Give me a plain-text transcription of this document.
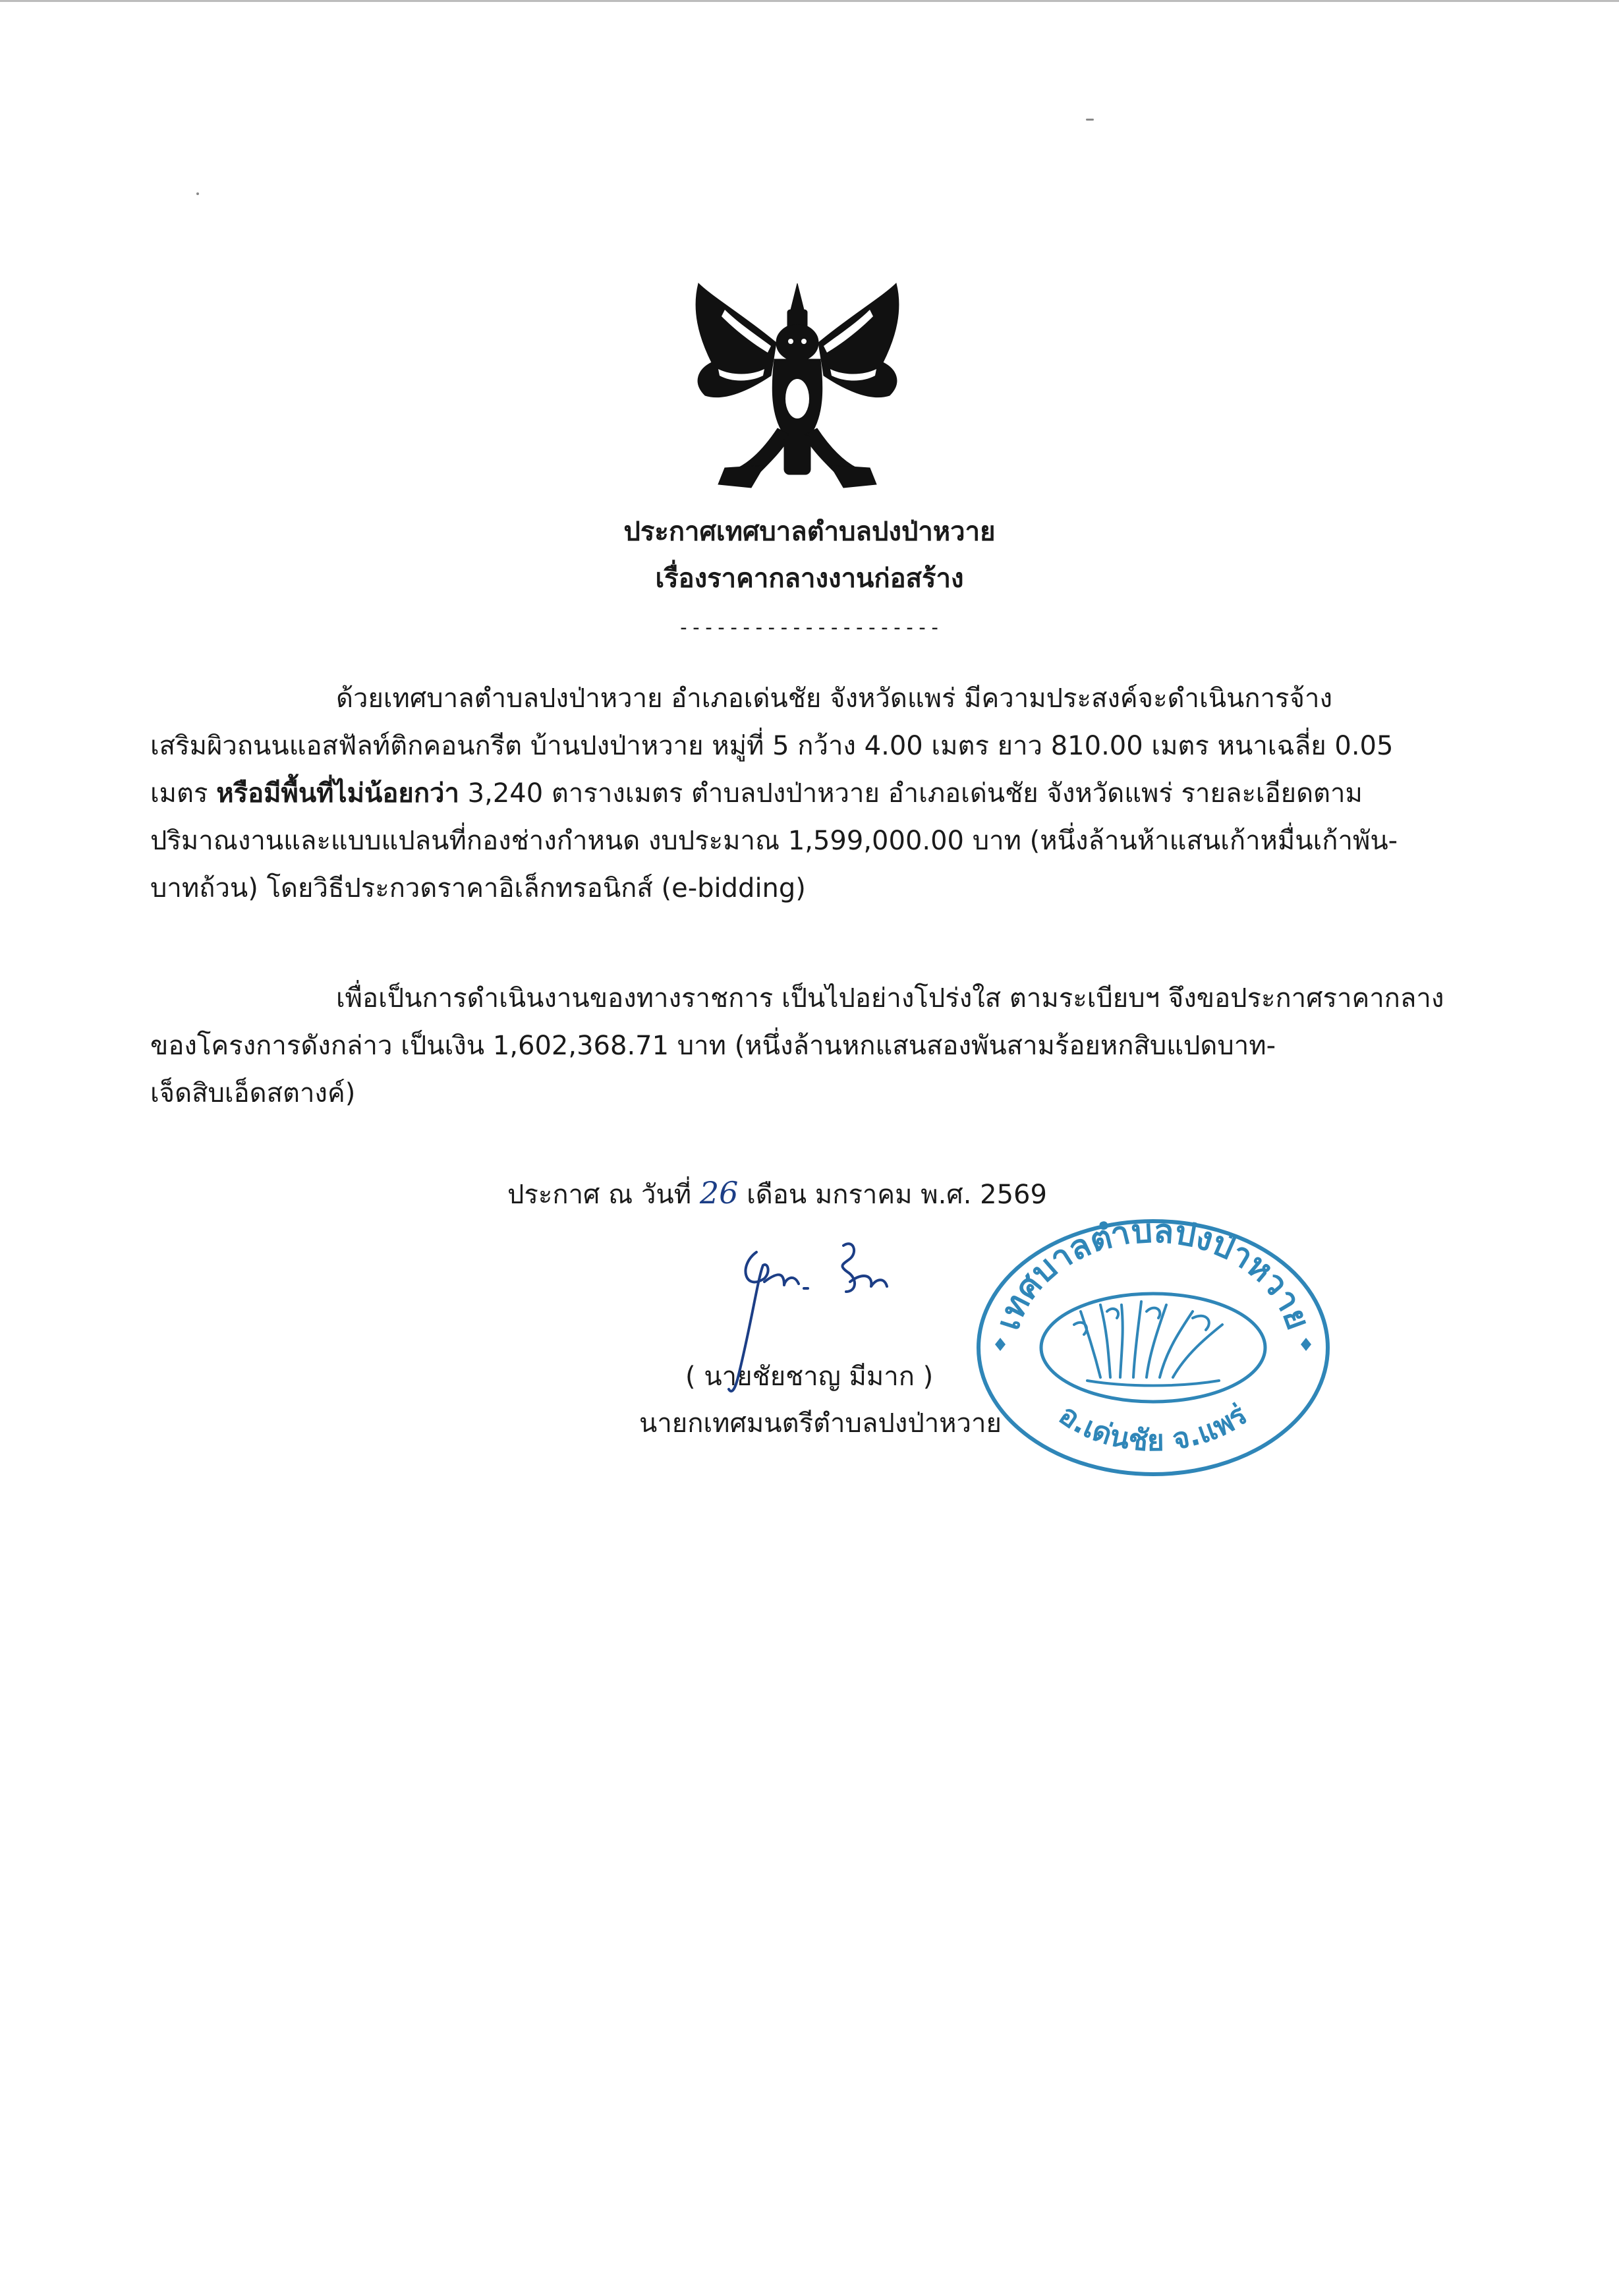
ประกาศเทศบาลตำบลปงป่าหวาย
เรื่องราคากลางงานก่อสร้าง
---------------------
ด้วยเทศบาลตำบลปงป่าหวาย อำเภอเด่นชัย จังหวัดแพร่ มีความประสงค์จะดำเนินการจ้าง
เสริมผิวถนนแอสฟัลท์ติกคอนกรีต บ้านปงป่าหวาย หมู่ที่ 5 กว้าง 4.00 เมตร ยาว 810.00 เมตร หนาเฉลี่ย 0.05
เมตร หรือมีพื้นที่ไม่น้อยกว่า 3,240 ตารางเมตร ตำบลปงป่าหวาย อำเภอเด่นชัย จังหวัดแพร่ รายละเอียดตาม
ปริมาณงานและแบบแปลนที่กองช่างกำหนด งบประมาณ 1,599,000.00 บาท (หนึ่งล้านห้าแสนเก้าหมื่นเก้าพัน-
บาทถ้วน) โดยวิธีประกวดราคาอิเล็กทรอนิกส์ (e-bidding)
เพื่อเป็นการดำเนินงานของทางราชการ เป็นไปอย่างโปร่งใส ตามระเบียบฯ จึงขอประกาศราคากลาง
ของโครงการดังกล่าว เป็นเงิน 1,602,368.71 บาท (หนึ่งล้านหกแสนสองพันสามร้อยหกสิบแปดบาท-
เจ็ดสิบเอ็ดสตางค์)
ประกาศ ณ วันที่ 26 เดือน มกราคม พ.ศ. 2569
( นายชัยชาญ มีมาก )
นายกเทศมนตรีตำบลปงป่าหวาย
เทศบาลตำบลปงป่าหวาย
อ.เด่นชัย จ.แพร่
